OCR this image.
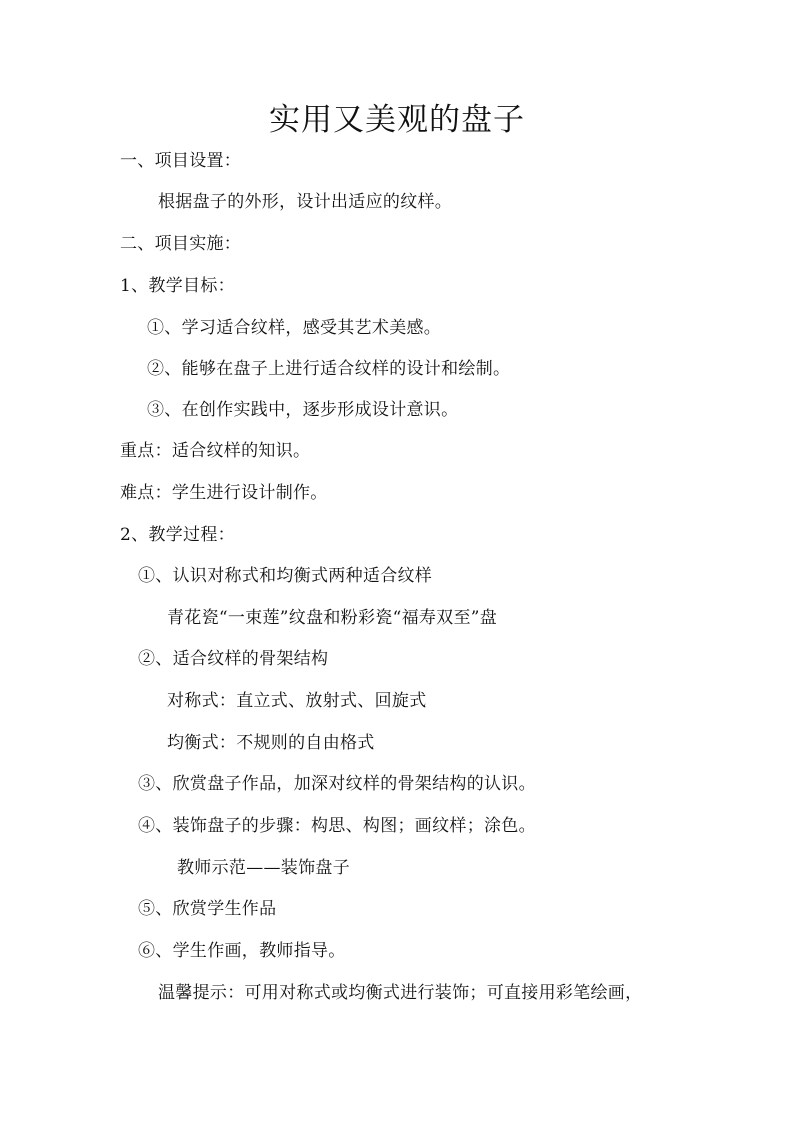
实用又美观的盘子
一、项目设置：
根据盘子的外形，设计出适应的纹样。
二、项目实施：
1、教学目标：
①、学习适合纹样，感受其艺术美感。
②、能够在盘子上进行适合纹样的设计和绘制。
③、在创作实践中，逐步形成设计意识。
重点：适合纹样的知识。
难点：学生进行设计制作。
2、教学过程：
①、认识对称式和均衡式两种适合纹样
青花瓷“一束莲”纹盘和粉彩瓷“福寿双至”盘
②、适合纹样的骨架结构
对称式：直立式、放射式、回旋式
均衡式：不规则的自由格式
③、欣赏盘子作品，加深对纹样的骨架结构的认识。
④、装饰盘子的步骤：构思、构图；画纹样；涂色。
教师示范——装饰盘子
⑤、欣赏学生作品
⑥、学生作画，教师指导。
温馨提示：可用对称式或均衡式进行装饰；可直接用彩笔绘画，
